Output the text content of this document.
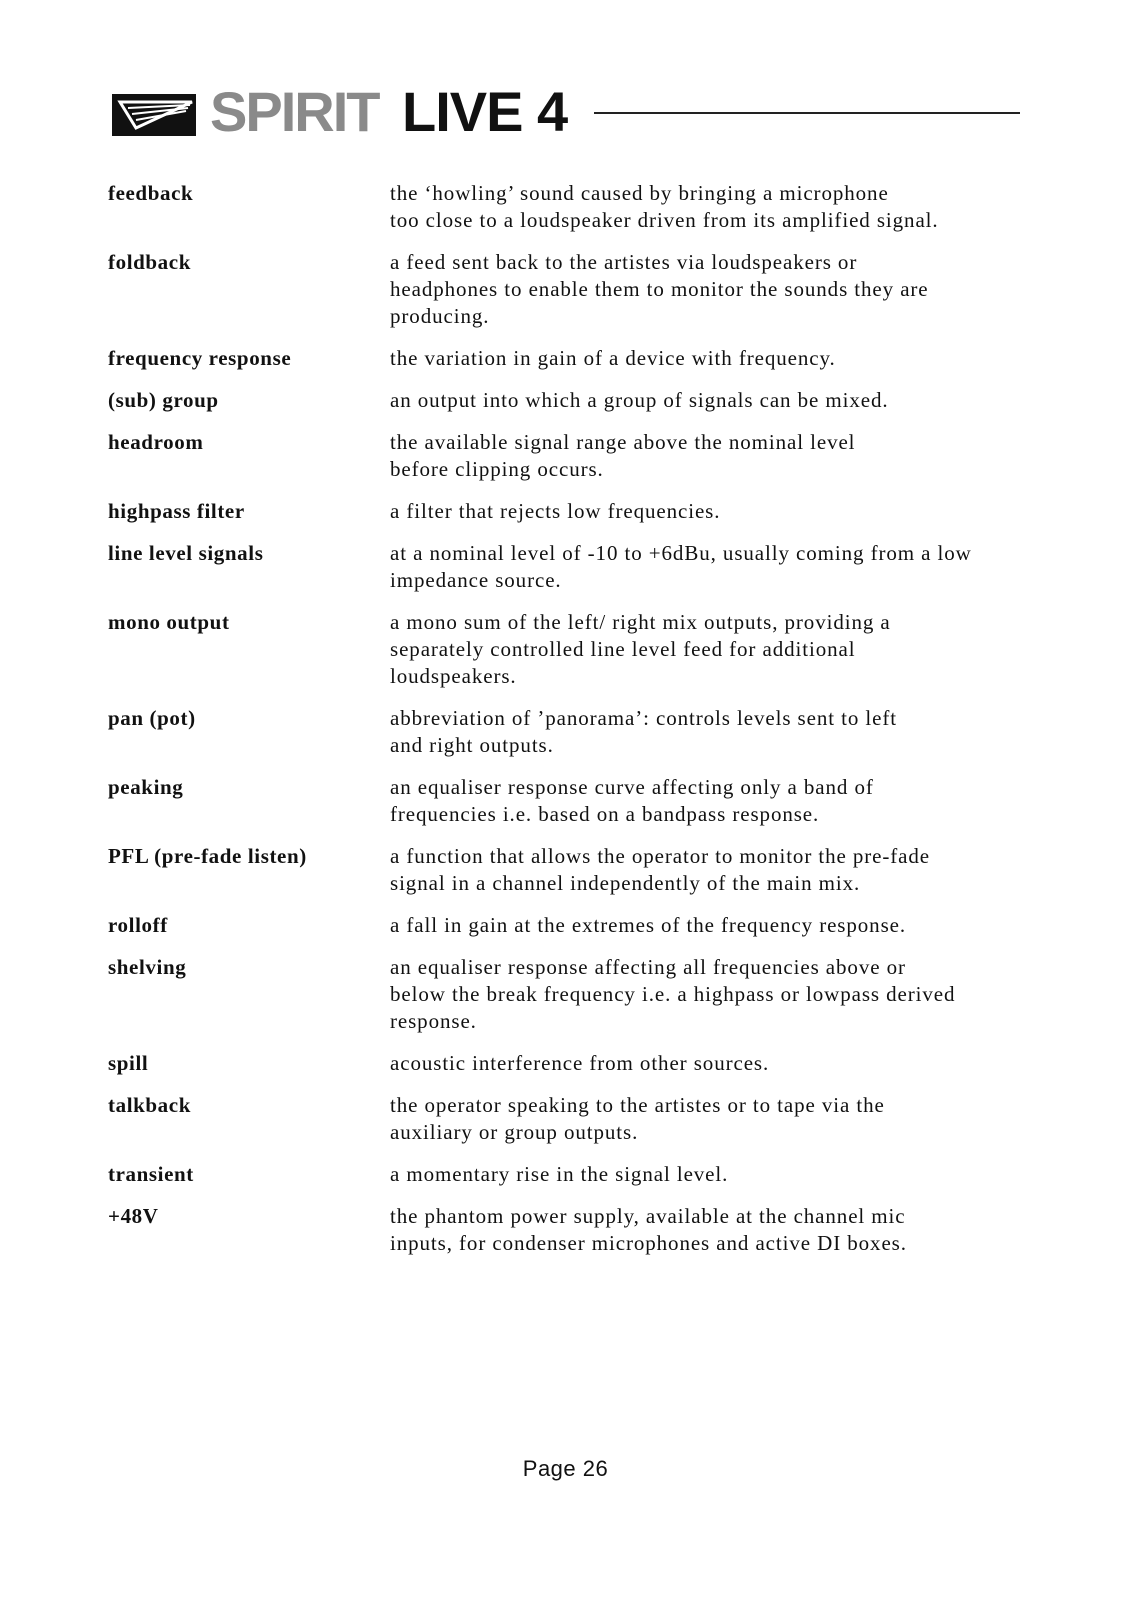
SPIRIT LIVE 4
feedback	the ‘howling’ sound caused by bringing a microphone
too close to a loudspeaker driven from its amplified signal.
foldback	a feed sent back to the artistes via loudspeakers or
headphones to enable them to monitor the sounds they are
producing.
frequency response	the variation in gain of a device with frequency.
(sub) group	an output into which a group of signals can be mixed.
headroom	the available signal range above the nominal level
before clipping occurs.
highpass filter	a filter that rejects low frequencies.
line level signals	at a nominal level of -10 to +6dBu, usually coming from a low
impedance source.
mono output	a mono sum of the left/ right mix outputs, providing a
separately controlled line level feed for additional
loudspeakers.
pan (pot)	abbreviation of ’panorama’: controls levels sent to left
and right outputs.
peaking	an equaliser response curve affecting only a band of
frequencies i.e. based on a bandpass response.
PFL (pre-fade listen)	a function that allows the operator to monitor the pre-fade
signal in a channel independently of the main mix.
rolloff	a fall in gain at the extremes of the frequency response.
shelving	an equaliser response affecting all frequencies above or
below the break frequency i.e. a highpass or lowpass derived
response.
spill	acoustic interference from other sources.
talkback	the operator speaking to the artistes or to tape via the
auxiliary or group outputs.
transient	a momentary rise in the signal level.
+48V	the phantom power supply, available at the channel mic
inputs, for condenser microphones and active DI boxes.
Page 26
